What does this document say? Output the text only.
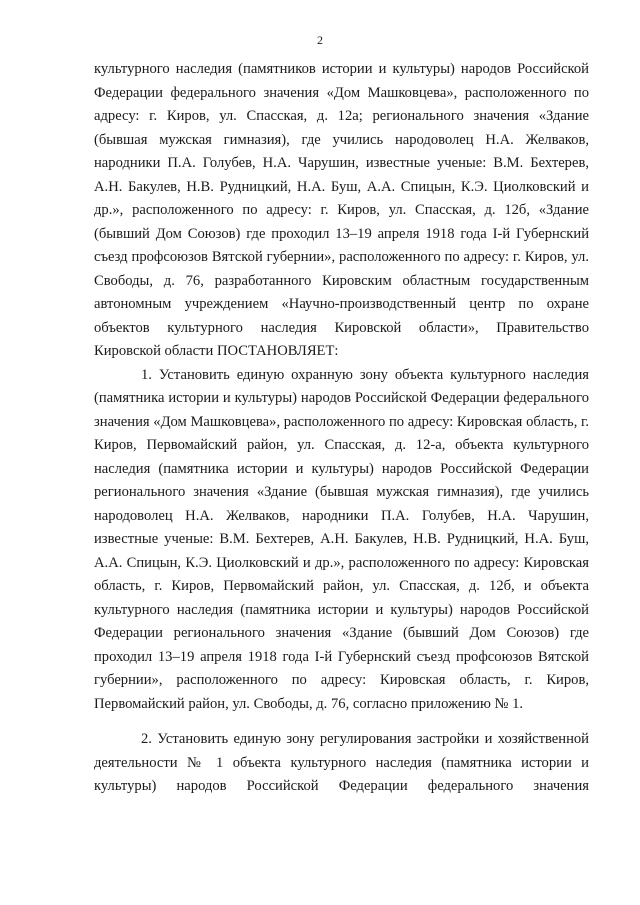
2

культурного наследия (памятников истории и культуры) народов Российской Федерации федерального значения «Дом Машковцева», расположенного по адресу: г. Киров, ул. Спасская, д. 12а; регионального значения «Здание (бывшая мужская гимназия), где учились народоволец Н.А. Желваков, народники П.А. Голубев, Н.А. Чарушин, известные ученые: В.М. Бехтерев, А.Н. Бакулев, Н.В. Рудницкий, Н.А. Буш, А.А. Спицын, К.Э. Циолковский и др.», расположенного по адресу: г. Киров, ул. Спасская, д. 12б, «Здание (бывший Дом Союзов) где проходил 13–19 апреля 1918 года I-й Губернский съезд профсоюзов Вятской губернии», расположенного по адресу: г. Киров, ул. Свободы, д. 76, разработанного Кировским областным государственным автономным учреждением «Научно-производственный центр по охране объектов культурного наследия Кировской области», Правительство Кировской области ПОСТАНОВЛЯЕТ:

1. Установить единую охранную зону объекта культурного наследия (памятника истории и культуры) народов Российской Федерации федерального значения «Дом Машковцева», расположенного по адресу: Кировская область, г. Киров, Первомайский район, ул. Спасская, д. 12-а, объекта культурного наследия (памятника истории и культуры) народов Российской Федерации регионального значения «Здание (бывшая мужская гимназия), где учились народоволец Н.А. Желваков, народники П.А. Голубев, Н.А. Чарушин, известные ученые: В.М. Бехтерев, А.Н. Бакулев, Н.В. Рудницкий, Н.А. Буш, А.А. Спицын, К.Э. Циолковский и др.», расположенного по адресу: Кировская область, г. Киров, Первомайский район, ул. Спасская, д. 12б, и объекта культурного наследия (памятника истории и культуры) народов Российской Федерации регионального значения «Здание (бывший Дом Союзов) где проходил 13–19 апреля 1918 года I-й Губернский съезд профсоюзов Вятской губернии», расположенного по адресу: Кировская область, г. Киров, Первомайский район, ул. Свободы, д. 76, согласно приложению № 1.

2. Установить единую зону регулирования застройки и хозяйственной деятельности № 1 объекта культурного наследия (памятника истории и культуры) народов Российской Федерации федерального значения
